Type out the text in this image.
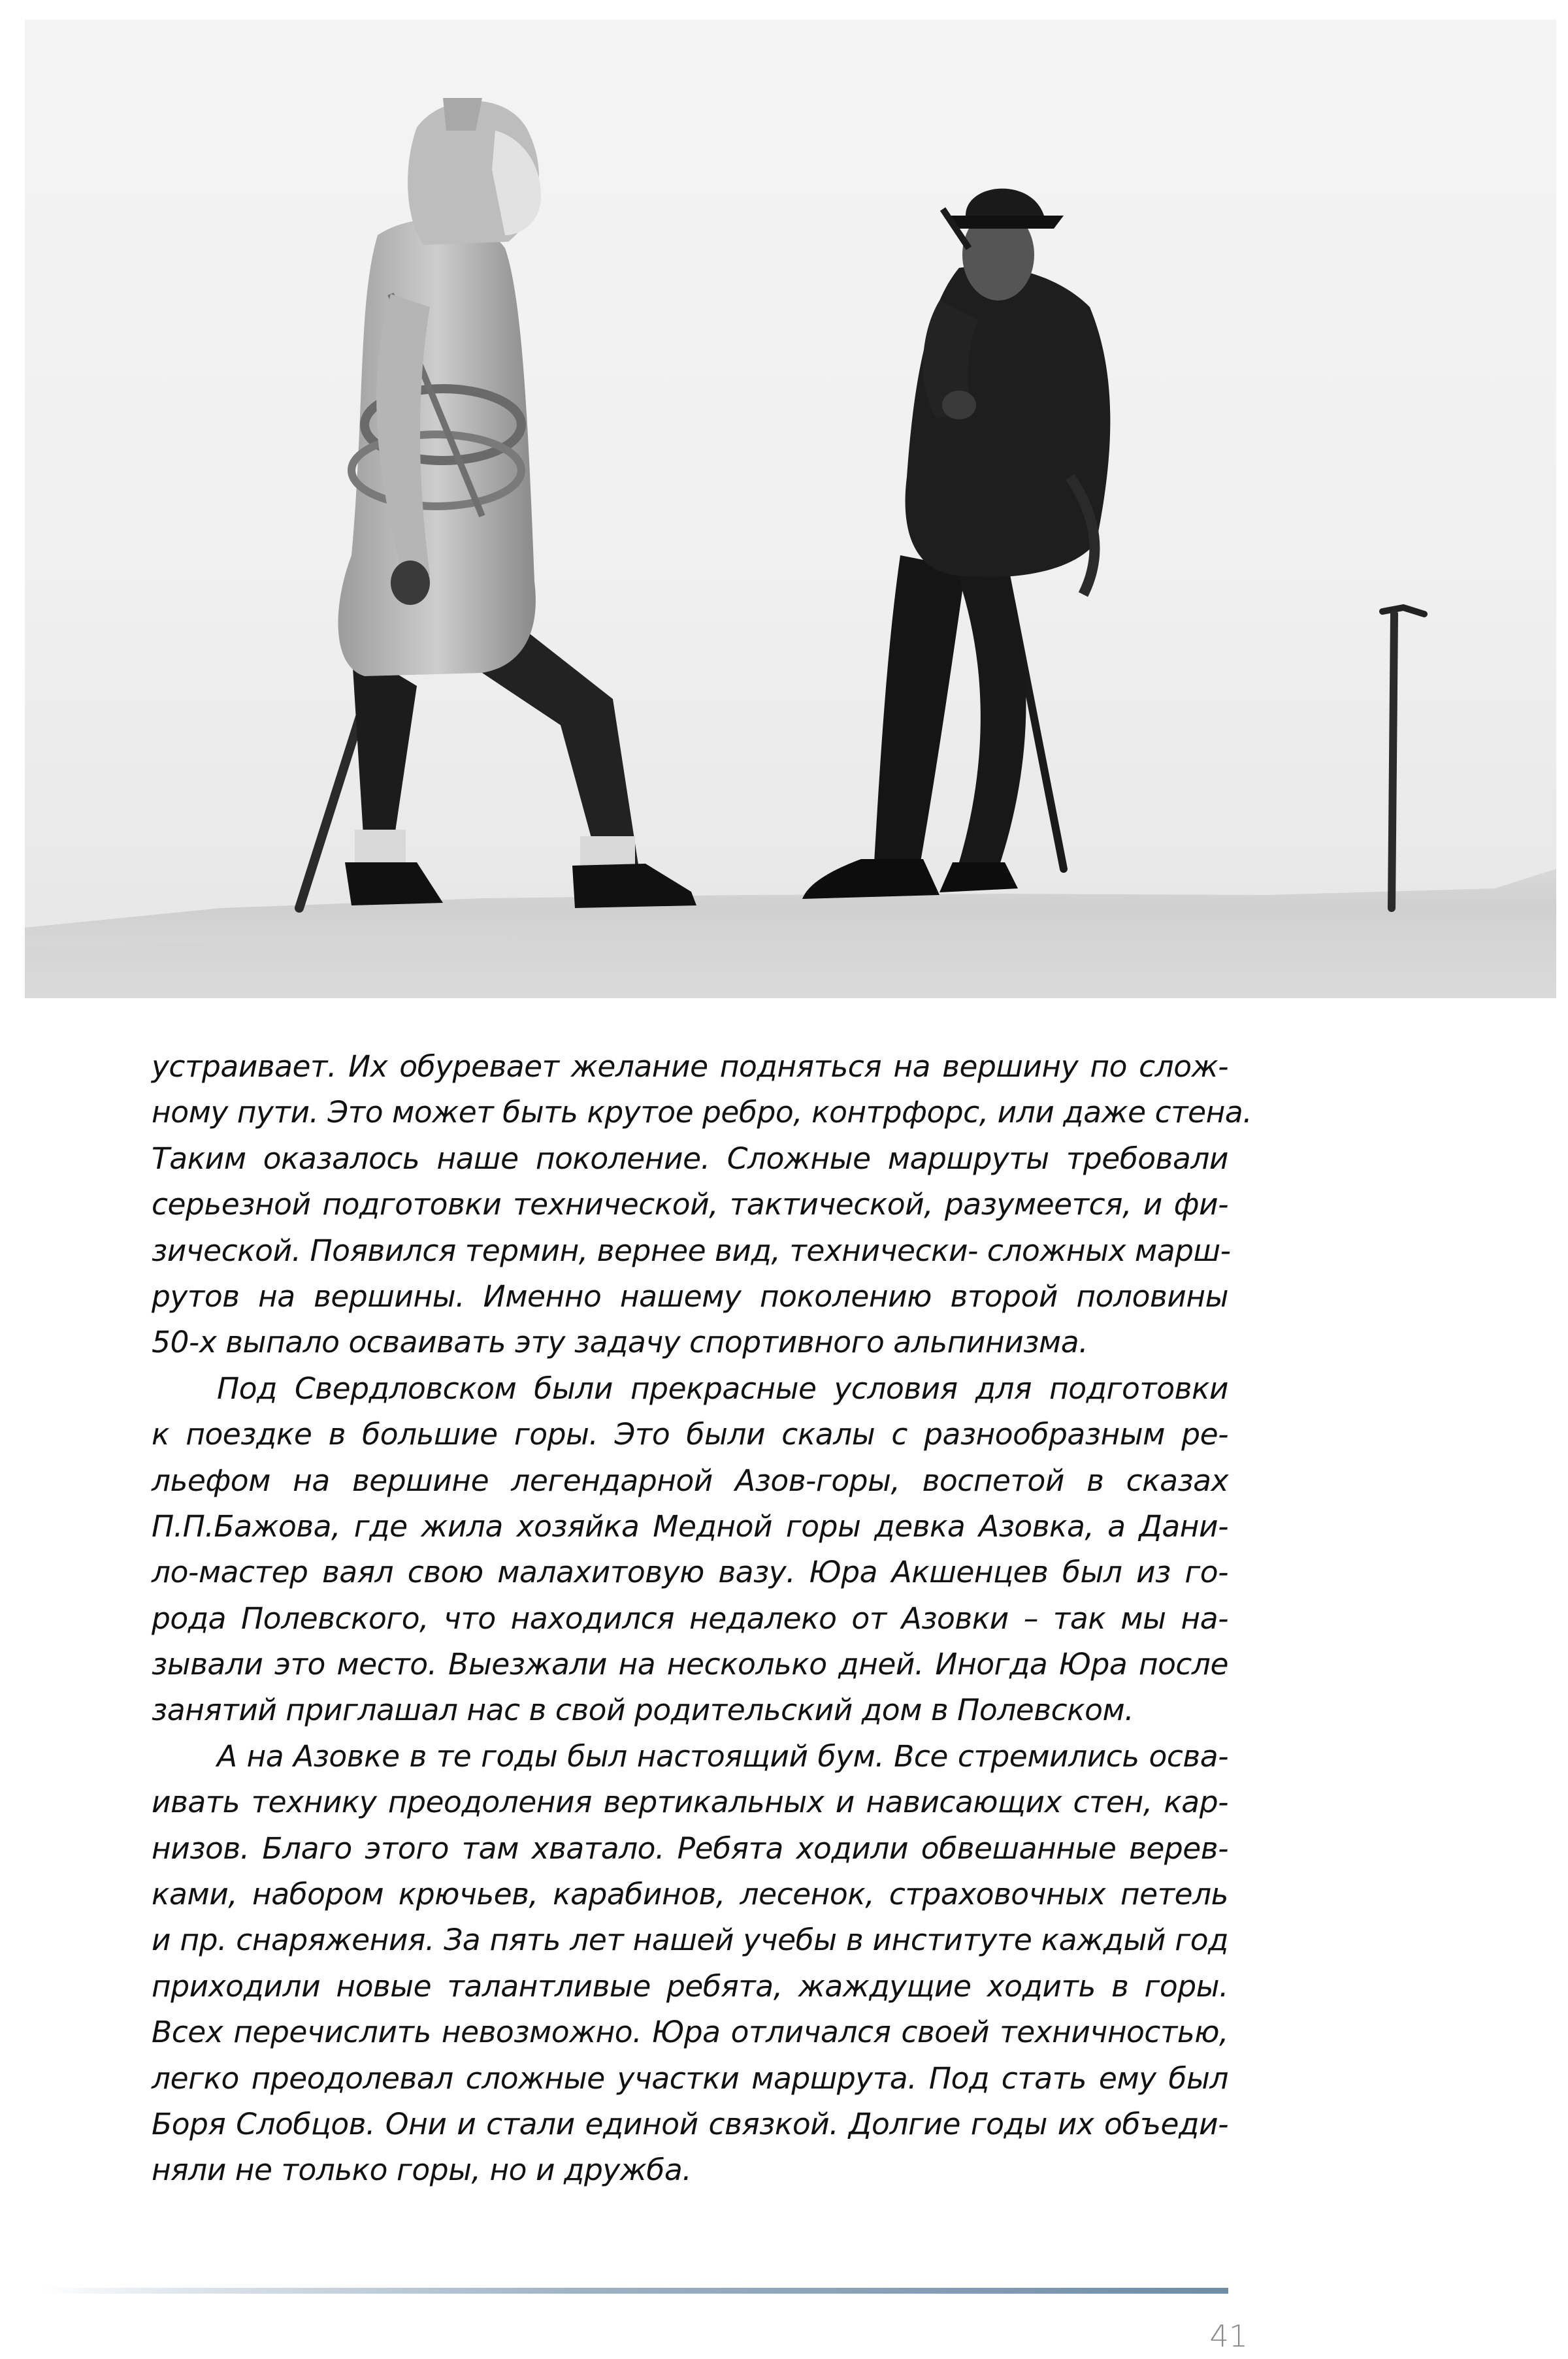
устраивает. Их обуревает желание подняться на вершину по слож-
ному пути. Это может быть крутое ребро, контрфорс, или даже стена.
Таким оказалось наше поколение. Сложные маршруты требовали
серьезной подготовки технической, тактической, разумеется, и фи-
зической. Появился термин, вернее вид, технически- сложных марш-
рутов на вершины. Именно нашему поколению второй половины
50-х выпало осваивать эту задачу спортивного альпинизма.
Под Свердловском были прекрасные условия для подготовки
к поездке в большие горы. Это были скалы с разнообразным ре-
льефом на вершине легендарной Азов-горы, воспетой в сказах
П.П.Бажова, где жила хозяйка Медной горы девка Азовка, а Дани-
ло-мастер ваял свою малахитовую вазу. Юра Акшенцев был из го-
рода Полевского, что находился недалеко от Азовки – так мы на-
зывали это место. Выезжали на несколько дней. Иногда Юра после
занятий приглашал нас в свой родительский дом в Полевском.
А на Азовке в те годы был настоящий бум. Все стремились осва-
ивать технику преодоления вертикальных и нависающих стен, кар-
низов. Благо этого там хватало. Ребята ходили обвешанные верев-
ками, набором крючьев, карабинов, лесенок, страховочных петель
и пр. снаряжения. За пять лет нашей учебы в институте каждый год
приходили новые талантливые ребята, жаждущие ходить в горы.
Всех перечислить невозможно. Юра отличался своей техничностью,
легко преодолевал сложные участки маршрута. Под стать ему был
Боря Слобцов. Они и стали единой связкой. Долгие годы их объеди-
няли не только горы, но и дружба.
41
